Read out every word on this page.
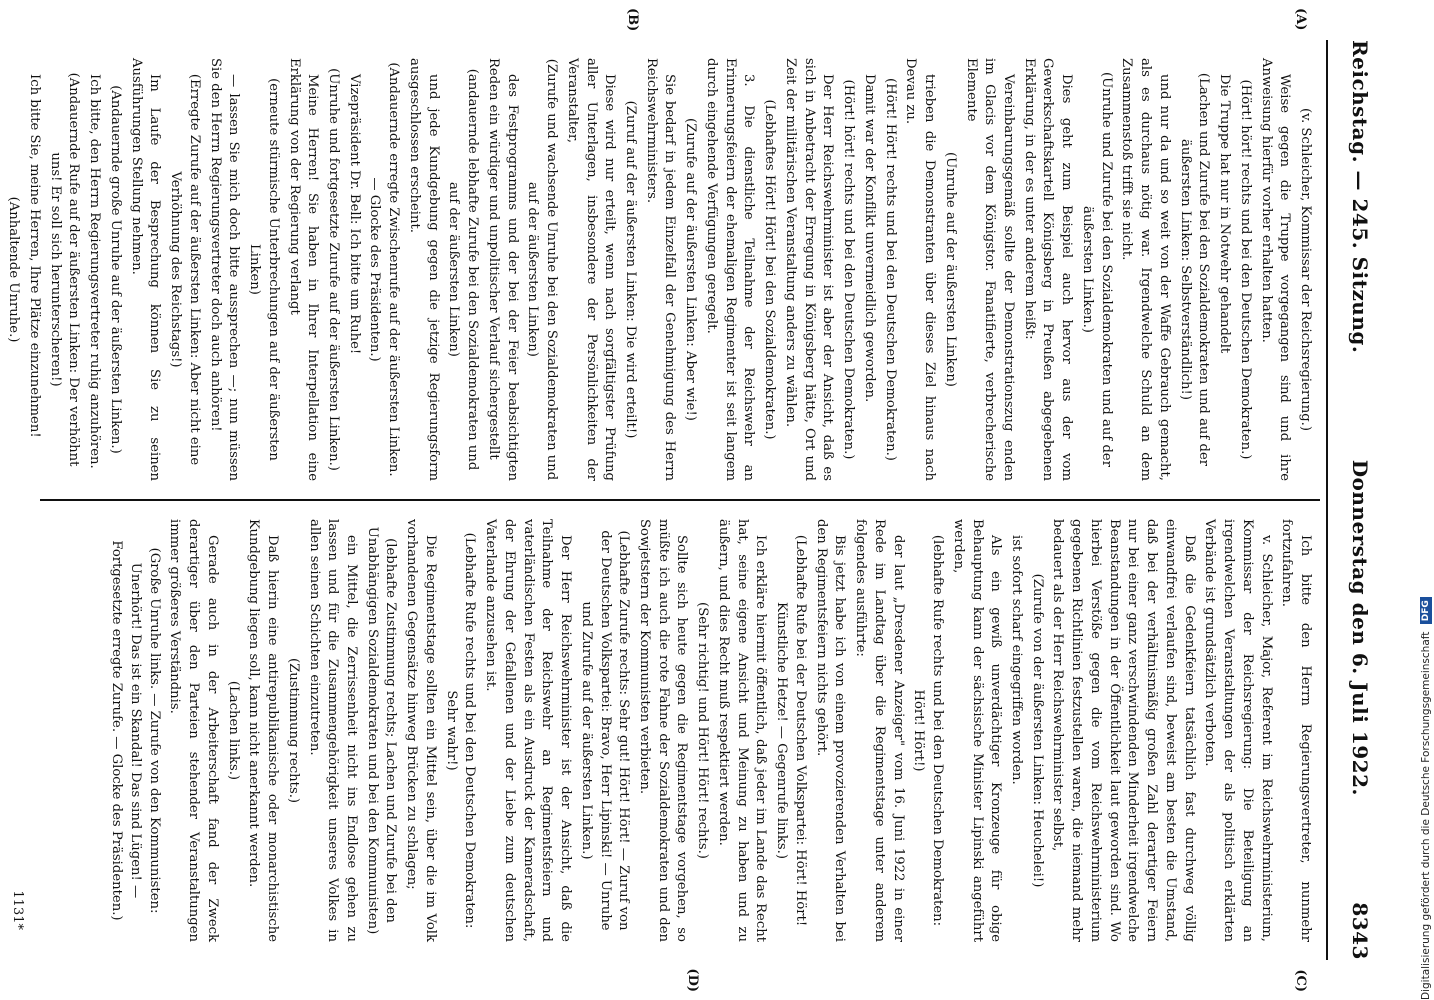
Reichstag. — 245. Sitzung.
Donnerstag den 6. Juli 1922.
8343
(A)
(B)
(C)
(D)

(v. Schleicher, Kommissar der Reichsregierung.)

Weise gegen die Truppe vorgegangen sind und ihre Anweisung hierfür vorher erhalten hatten.

(Hört! hört! rechts und bei den Deutschen Demokraten.)

Die Truppe hat nur in Notwehr gehandelt

(Lachen und Zurufe bei den Sozialdemokraten und auf der äußersten Linken: Selbstverständlich!)

und nur da und so weit von der Waffe Gebrauch gemacht, als es durchaus nötig war. Irgendwelche Schuld an dem Zusammenstoß trifft sie nicht.

(Unruhe und Zurufe bei den Sozialdemokraten und auf der äußersten Linken.)

Dies geht zum Beispiel auch hervor aus der vom Gewerkschaftskartell Königsberg in Preußen abgegebenen Erklärung, in der es unter anderem heißt:

Vereinbarungsgemäß sollte der Demonstrationszug enden im Glacis vor dem Königstor. Fanatifierte, verbrecherische Elemente

(Unruhe auf der äußersten Linken)

trieben die Demonstranten über dieses Ziel hinaus nach Devau zu.

(Hört! Hört! rechts und bei den Deutschen Demokraten.)

Damit war der Konflikt unvermeidlich geworden.

(Hört! hört! rechts und bei den Deutschen Demokraten.)

Der Herr Reichswehrminister ist aber der Ansicht, daß es sich in Anbetracht der Erregung in Königsberg hätte, Ort und Zeit der militärischen Veranstaltung anders zu wählen.

(Lebhaftes Hört! Hört! bei den Sozialdemokraten.)

3. Die dienstliche Teilnahme der Reichswehr an Erinnerungsfeiern der ehemaligen Regimenter ist seit langem durch eingehende Verfügungen geregelt.

(Zurufe auf der äußersten Linken: Aber wie!)

Sie bedarf in jedem Einzelfall der Genehmigung des Herrn Reichswehrministers.

(Zuruf auf der äußersten Linken: Die wird erteilt!)

Diese wird nur erteilt, wenn nach sorgfältigster Prüfung aller Unterlagen, insbesondere der Persönlichkeiten der Veranstalter,

(Zurufe und wachsende Unruhe bei den Sozialdemokraten und auf der äußersten Linken)

des Festprogramms und der bei der Feier beabsichtigten Reden ein würdiger und unpolitischer Verlauf sichergestellt

(andauernde lebhafte Zurufe bei den Sozialdemokraten und auf der äußersten Linken)

und jede Kundgebung gegen die jetzige Regierungsform ausgeschlossen erscheint.

(Andauernde erregte Zwischenrufe auf der äußersten Linken. — Glocke des Präsidenten.)

Vizepräsident Dr. Bell: Ich bitte um Ruhe!

(Unruhe und fortgesetzte Zurufe auf der äußersten Linken.)

Meine Herren! Sie haben in Ihrer Interpellation eine Erklärung von der Regierung verlangt

(erneute stürmische Unterbrechungen auf der äußersten Linken)

— lassen Sie mich doch bitte aussprechen —; nun müssen Sie den Herrn Regierungsvertreter doch auch anhören!

(Erregte Zurufe auf der äußersten Linken: Aber nicht eine Verhöhnung des Reichstags!)

Im Laufe der Besprechung können Sie zu seinen Ausführungen Stellung nehmen.

(Andauernde große Unruhe auf der äußersten Linken.)

Ich bitte, den Herrn Regierungsvertreter ruhig anzuhören.

(Andauernde Rufe auf der äußersten Linken: Der verhöhnt uns! Er soll sich herunterscheren!)

Ich bitte Sie, meine Herren, Ihre Plätze einzunehmen!

(Anhaltende Unruhe.)

Ich bitte den Herrn Regierungsvertreter, nunmehr fortzufahren.

v. Schleicher, Major, Referent im Reichswehrministerium, Kommissar der Reichsregierung: Die Beteiligung an irgendwelchen Veranstaltungen der als politisch erklärten Verbände ist grundsätzlich verboten.

Daß die Gedenkfeiern tatsächlich fast durchweg völlig einwandfrei verlaufen sind, beweist am besten die Umstand, daß bei der verhältnismäßig großen Zahl derartiger Feiern nur bei einer ganz verschwindenden Minderheit irgendwelche Beanstandungen in der Öffentlichkeit laut geworden sind. Wo hierbei Verstöße gegen die vom Reichswehrministerium gegebenen Richtlinien festzustellen waren, die niemand mehr bedauert als der Herr Reichswehrminister selbst,

(Zurufe von der äußersten Linken: Heuchelei!)

ist sofort scharf eingegriffen worden.

Als ein gewiß unverdächtiger Kronzeuge für obige Behauptung kann der sächsische Minister Lipinski angeführt werden,

(lebhafte Rufe rechts und bei den Deutschen Demokraten: Hört! Hört!)

der laut „Dresdener Anzeiger" vom 16. Juni 1922 in einer Rede im Landtag über die Regimentstage unter anderem folgendes ausführte:

Bis jetzt habe ich von einem provozierenden Verhalten bei den Regimentsfeiern nichts gehört.

(Lebhafte Rufe bei der Deutschen Volkspartei: Hört! Hört! Künstliche Hetze! — Gegenrufe links.)

Ich erkläre hiermit öffentlich, daß jeder im Lande das Recht hat, seine eigene Ansicht und Meinung zu haben und zu äußern, und dies Recht muß respektiert werden.

(Sehr richtig! und Hört! Hört! rechts.)

Sollte sich heute gegen die Regimentstage vorgehen, so müßte ich auch die rote Fahne der Sozialdemokraten und den Sowjetstern der Kommunisten verbieten.

(Lebhafte Zurufe rechts: Sehr gut! Hört! Hört! — Zuruf von der Deutschen Volkspartei: Bravo, Herr Lipinski! — Unruhe und Zurufe auf der äußersten Linken.)

Der Herr Reichswehrminister ist der Ansicht, daß die Teilnahme der Reichswehr an Regimentsfeiern und vaterländischen Festen als ein Ausdruck der Kameradschaft, der Ehrung der Gefallenen und der Liebe zum deutschen Vaterlande anzusehen ist.

(Lebhafte Rufe rechts und bei den Deutschen Demokraten: Sehr wahr!)

Die Regimentstage sollten ein Mittel sein, über die im Volk vorhandenen Gegensätze hinweg Brücken zu schlagen;

(lebhafte Zustimmung rechts; Lachen und Zurufe bei den Unabhängigen Sozialdemokraten und bei den Kommunisten)

ein Mittel, die Zerrissenheit nicht ins Endlose gehen zu lassen und für die Zusammengehörigkeit unseres Volkes in allen seinen Schichten einzutreten.

(Zustimmung rechts.)

Daß hierin eine antirepublikanische oder monarchistische Kundgebung liegen soll, kann nicht anerkannt werden.

(Lachen links.)

Gerade auch in der Arbeiterschaft fand der Zweck derartiger über den Parteien stehender Veranstaltungen immer größeres Verständnis.

(Große Unruhe links. — Zurufe von den Kommunisten: Unerhört! Das ist ein Skandal! Das sind Lügen! — Fortgesetzte erregte Zurufe. — Glocke des Präsidenten.)

1131*	Digitalisierung gefördert durch die Deutsche Forschungsgemeinschaft DFG
